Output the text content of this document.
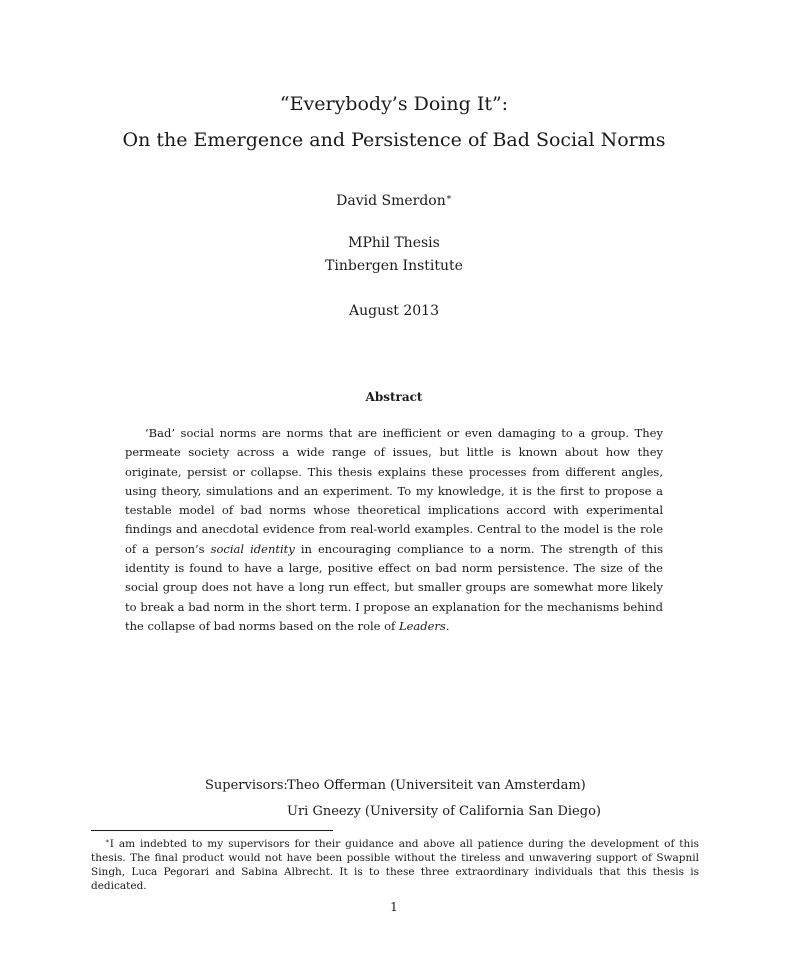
“Everybody’s Doing It”:
On the Emergence and Persistence of Bad Social Norms
David Smerdon∗
MPhil Thesis
Tinbergen Institute
August 2013
Abstract

‘Bad’ social norms are norms that are inefficient or even damaging to a group. They permeate society across a wide range of issues, but little is known about how they originate, persist or collapse. This thesis explains these processes from different angles, using theory, simulations and an experiment. To my knowledge, it is the first to propose a testable model of bad norms whose theoretical implications accord with experimental findings and anecdotal evidence from real-world examples. Central to the model is the role of a person’s social identity in encouraging compliance to a norm. The strength of this identity is found to have a large, positive effect on bad norm persistence. The size of the social group does not have a long run effect, but smaller groups are somewhat more likely to break a bad norm in the short term. I propose an explanation for the mechanisms behind the collapse of bad norms based on the role of Leaders.

Supervisors: Theo Offerman (Universiteit van Amsterdam)
Uri Gneezy (University of California San Diego)

∗I am indebted to my supervisors for their guidance and above all patience during the development of this thesis. The final product would not have been possible without the tireless and unwavering support of Swapnil Singh, Luca Pegorari and Sabina Albrecht. It is to these three extraordinary individuals that this thesis is dedicated.

1
